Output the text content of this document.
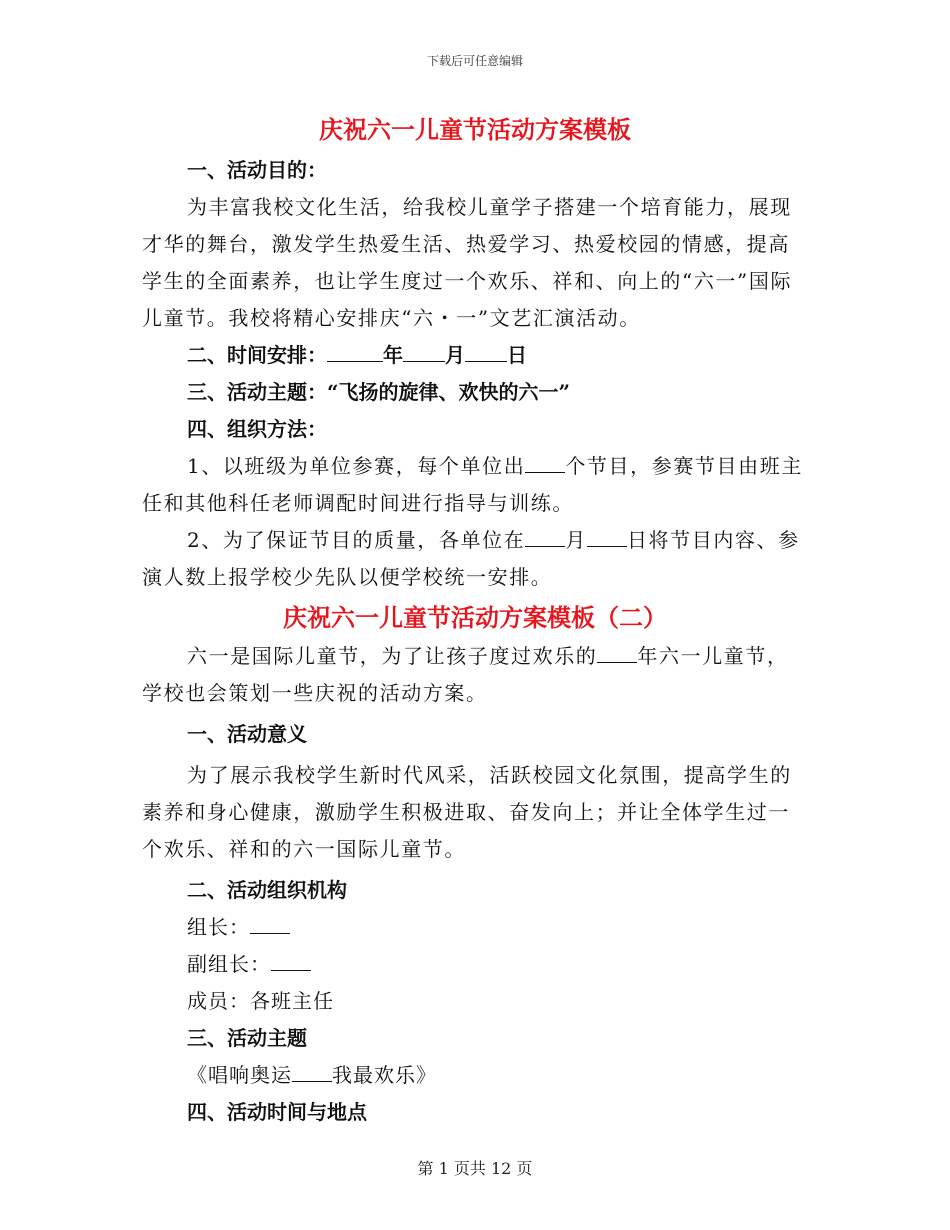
下载后可任意编辑

庆祝六一儿童节活动方案模板

一、活动目的：

为丰富我校文化生活，给我校儿童学子搭建一个培育能力，展现才华的舞台，激发学生热爱生活、热爱学习、热爱校园的情感，提高学生的全面素养，也让学生度过一个欢乐、祥和、向上的“六一”国际儿童节。我校将精心安排庆“六・一”文艺汇演活动。

二、时间安排：	年 月 日

三、活动主题：“飞扬的旋律、欢快的六一”

四、组织方法：

1、以班级为单位参赛，每个单位出 个节目，参赛节目由班主任和其他科任老师调配时间进行指导与训练。

2、为了保证节目的质量，各单位在 月 日将节目内容、参演人数上报学校少先队以便学校统一安排。

庆祝六一儿童节活动方案模板（二）

六一是国际儿童节，为了让孩子度过欢乐的 年六一儿童节，学校也会策划一些庆祝的活动方案。

一、活动意义

为了展示我校学生新时代风采，活跃校园文化氛围，提高学生的素养和身心健康，激励学生积极进取、奋发向上；并让全体学生过一个欢乐、祥和的六一国际儿童节。

二、活动组织机构

组长：

副组长：

成员：各班主任

三、活动主题

《唱响奥运 我最欢乐》

四、活动时间与地点

第 1 页共 12 页
